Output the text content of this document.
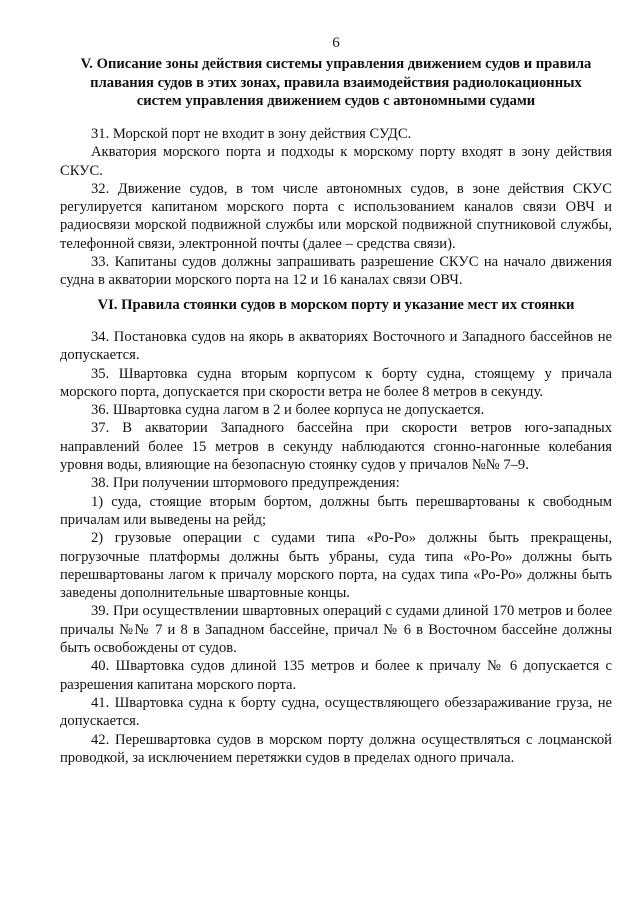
6
V. Описание зоны действия системы управления движением судов и правила
плавания судов в этих зонах, правила взаимодействия радиолокационных
систем управления движением судов с автономными судами

31. Морской порт не входит в зону действия СУДС.

Акватория морского порта и подходы к морскому порту входят в зону действия СКУС.

32. Движение судов, в том числе автономных судов, в зоне действия СКУС регулируется капитаном морского порта с использованием каналов связи ОВЧ и радиосвязи морской подвижной службы или морской подвижной спутниковой службы, телефонной связи, электронной почты (далее – средства связи).

33. Капитаны судов должны запрашивать разрешение СКУС на начало движения судна в акватории морского порта на 12 и 16 каналах связи ОВЧ.

VI. Правила стоянки судов в морском порту и указание мест их стоянки

34. Постановка судов на якорь в акваториях Восточного и Западного бассейнов не допускается.

35. Швартовка судна вторым корпусом к борту судна, стоящему у причала морского порта, допускается при скорости ветра не более 8 метров в секунду.

36. Швартовка судна лагом в 2 и более корпуса не допускается.

37. В акватории Западного бассейна при скорости ветров юго-западных направлений более 15 метров в секунду наблюдаются сгонно-нагонные колебания уровня воды, влияющие на безопасную стоянку судов у причалов №№ 7–9.

38. При получении штормового предупреждения:

1) суда, стоящие вторым бортом, должны быть перешвартованы к свободным причалам или выведены на рейд;

2) грузовые операции с судами типа «Ро-Ро» должны быть прекращены, погрузочные платформы должны быть убраны, суда типа «Ро-Ро» должны быть перешвартованы лагом к причалу морского порта, на судах типа «Ро-Ро» должны быть заведены дополнительные швартовные концы.

39. При осуществлении швартовных операций с судами длиной 170 метров и более причалы №№ 7 и 8 в Западном бассейне, причал № 6 в Восточном бассейне должны быть освобождены от судов.

40. Швартовка судов длиной 135 метров и более к причалу № 6 допускается с разрешения капитана морского порта.

41. Швартовка судна к борту судна, осуществляющего обеззараживание груза, не допускается.

42. Перешвартовка судов в морском порту должна осуществляться с лоцманской проводкой, за исключением перетяжки судов в пределах одного причала.
